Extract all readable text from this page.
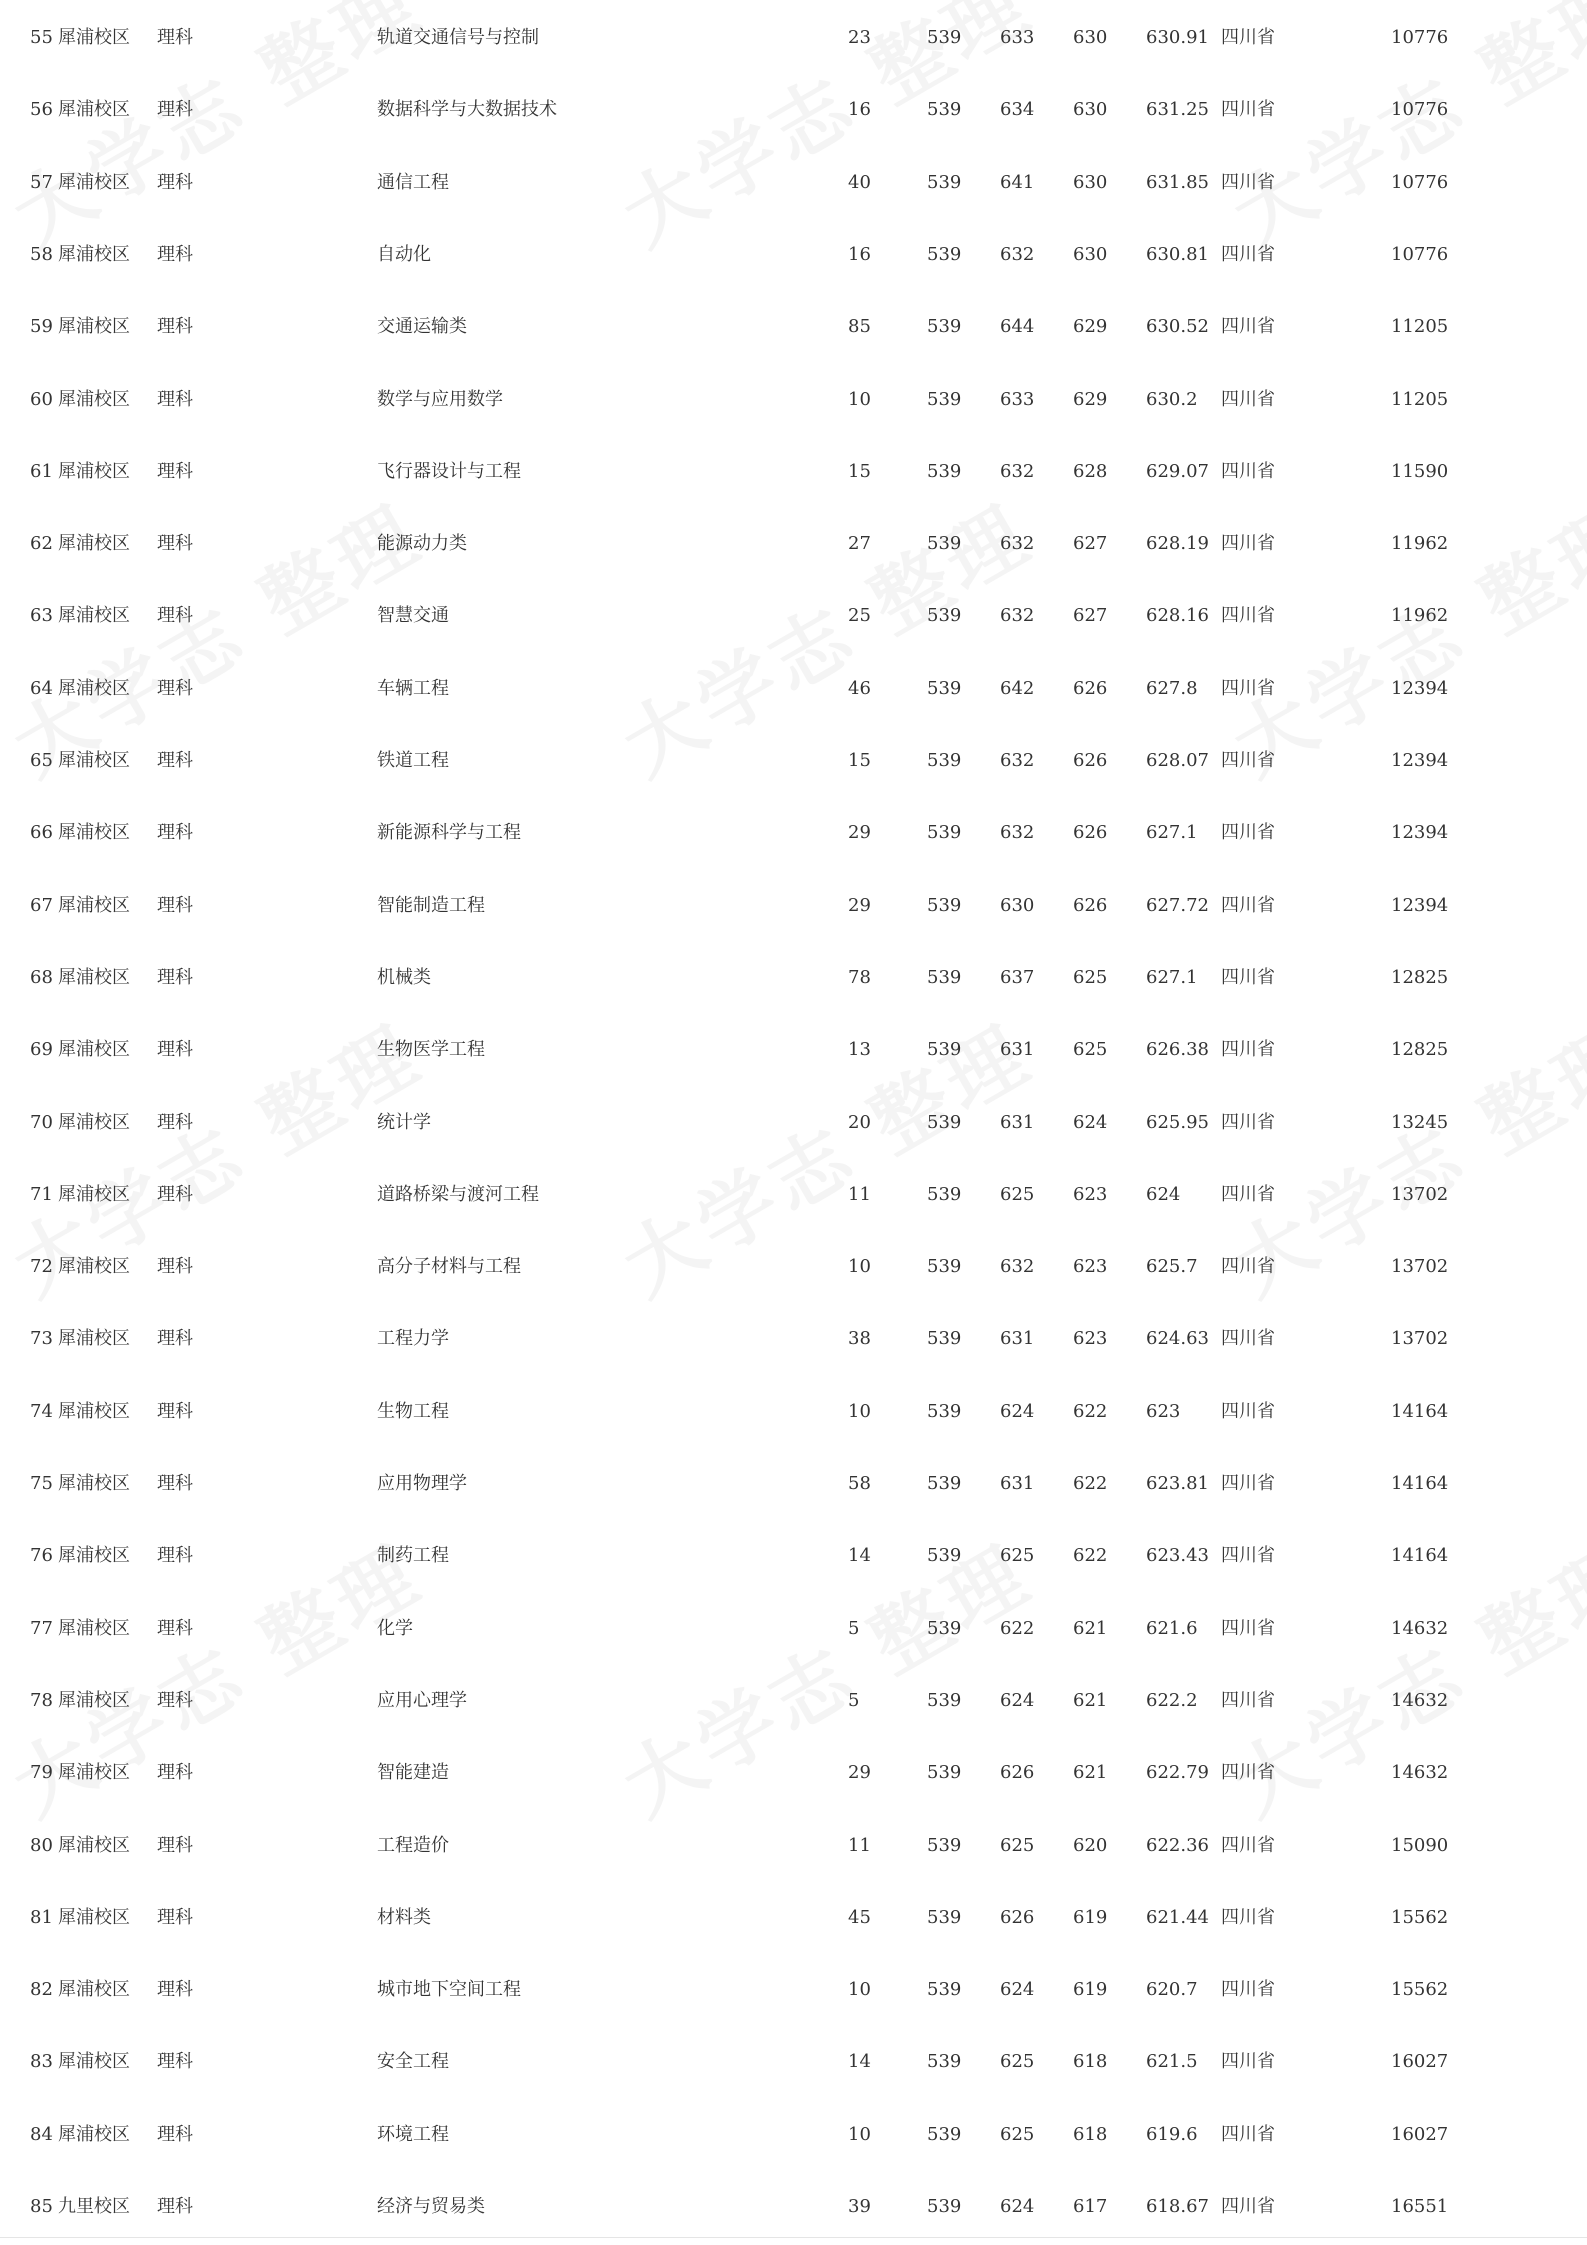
55 犀浦校区 理科	轨道交通信号与控制	23	539 633 630 630.91 四川省	10776
56 犀浦校区 理科	数据科学与大数据技术	16	539 634 630 631.25 四川省	10776
57 犀浦校区 理科	通信工程	40	539 641 630 631.85 四川省	10776
58 犀浦校区 理科	自动化	16	539 632 630 630.81 四川省	10776
59 犀浦校区 理科	交通运输类	85	539 644 629 630.52 四川省	11205
60 犀浦校区 理科	数学与应用数学	10	539 633 629 630.2 四川省	11205
61 犀浦校区 理科	飞行器设计与工程	15	539 632 628 629.07 四川省	11590
62 犀浦校区 理科	能源动力类	27	539 632 627 628.19 四川省	11962
63 犀浦校区 理科	智慧交通	25	539 632 627 628.16 四川省	11962
64 犀浦校区 理科	车辆工程	46	539 642 626 627.8 四川省	12394
65 犀浦校区 理科	铁道工程	15	539 632 626 628.07 四川省	12394
66 犀浦校区 理科	新能源科学与工程	29	539 632 626 627.1 四川省	12394
67 犀浦校区 理科	智能制造工程	29	539 630 626 627.72 四川省	12394
68 犀浦校区 理科	机械类	78	539 637 625 627.1 四川省	12825
69 犀浦校区 理科	生物医学工程	13	539 631 625 626.38 四川省	12825
70 犀浦校区 理科	统计学	20	539 631 624 625.95 四川省	13245
71 犀浦校区 理科	道路桥梁与渡河工程	11	539 625 623 624 四川省	13702
72 犀浦校区 理科	高分子材料与工程	10	539 632 623 625.7 四川省	13702
73 犀浦校区 理科	工程力学	38	539 631 623 624.63 四川省	13702
74 犀浦校区 理科	生物工程	10	539 624 622 623 四川省	14164
75 犀浦校区 理科	应用物理学	58	539 631 622 623.81 四川省	14164
76 犀浦校区 理科	制药工程	14	539 625 622 623.43 四川省	14164
77 犀浦校区 理科	化学	5	539 622 621 621.6 四川省	14632
78 犀浦校区 理科	应用心理学	5	539 624 621 622.2 四川省	14632
79 犀浦校区 理科	智能建造	29	539 626 621 622.79 四川省	14632
80 犀浦校区 理科	工程造价	11	539 625 620 622.36 四川省	15090
81 犀浦校区 理科	材料类	45	539 626 619 621.44 四川省	15562
82 犀浦校区 理科	城市地下空间工程	10	539 624 619 620.7 四川省	15562
83 犀浦校区 理科	安全工程	14	539 625 618 621.5 四川省	16027
84 犀浦校区 理科	环境工程	10	539 625 618 619.6 四川省	16027
85 九里校区 理科	经济与贸易类	39	539 624 617 618.67 四川省	16551
